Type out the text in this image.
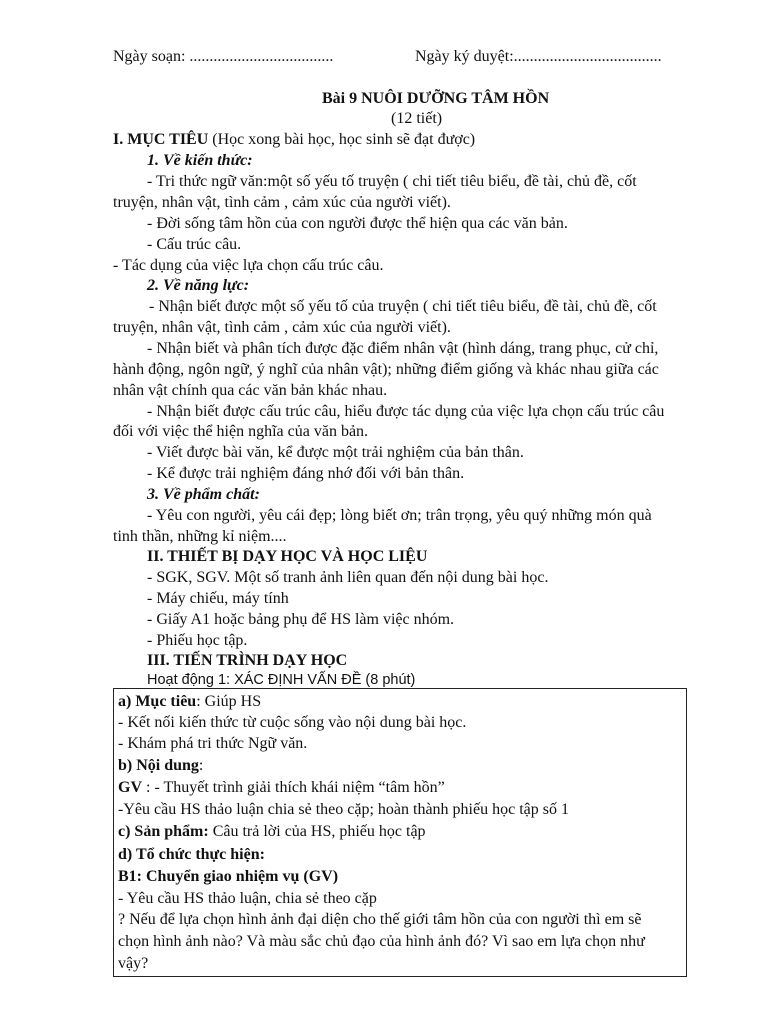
Ngày soạn: ....................................	Ngày ký duyệt:.....................................
Bài 9 NUÔI DƯỠNG TÂM HỒN
(12 tiết)
I. MỤC TIÊU (Học xong bài học, học sinh sẽ đạt được)
1. Về kiến thức:
- Tri thức ngữ văn:một số yếu tố truyện ( chi tiết tiêu biểu, đề tài, chủ đề, cốt
truyện, nhân vật, tình cảm , cảm xúc của người viết).
- Đời sống tâm hồn của con người được thể hiện qua các văn bản.
- Cấu trúc câu.
- Tác dụng của việc lựa chọn cấu trúc câu.
2. Về năng lực:
- Nhận biết được một số yếu tố của truyện ( chi tiết tiêu biểu, đề tài, chủ đề, cốt
truyện, nhân vật, tình cảm , cảm xúc của người viết).
- Nhận biết và phân tích được đặc điểm nhân vật (hình dáng, trang phục, cử chỉ,
hành động, ngôn ngữ, ý nghĩ của nhân vật); những điểm giống và khác nhau giữa các
nhân vật chính qua các văn bản khác nhau.
- Nhận biết được cấu trúc câu, hiểu được tác dụng của việc lựa chọn cấu trúc câu
đối với việc thể hiện nghĩa của văn bản.
- Viết được bài văn, kể được một trải nghiệm của bản thân.
- Kể được trải nghiệm đáng nhớ đối với bản thân.
3. Về phẩm chất:
- Yêu con người, yêu cái đẹp; lòng biết ơn; trân trọng, yêu quý những món quà
tinh thần, những kỉ niệm....
II. THIẾT BỊ DẠY HỌC VÀ HỌC LIỆU
- SGK, SGV. Một số tranh ảnh liên quan đến nội dung bài học.
- Máy chiếu, máy tính
- Giấy A1 hoặc bảng phụ để HS làm việc nhóm.
- Phiếu học tập.
III. TIẾN TRÌNH DẠY HỌC
Hoạt động 1: XÁC ĐỊNH VẤN ĐỀ (8 phút)
a) Mục tiêu: Giúp HS
- Kết nối kiến thức từ cuộc sống vào nội dung bài học.
- Khám phá tri thức Ngữ văn.
b) Nội dung:
GV : - Thuyết trình giải thích khái niệm “tâm hồn”
-Yêu cầu HS thảo luận chia sẻ theo cặp; hoàn thành phiếu học tập số 1
c) Sản phẩm: Câu trả lời của HS, phiếu học tập
d) Tổ chức thực hiện:
B1: Chuyển giao nhiệm vụ (GV)
- Yêu cầu HS thảo luận, chia sẻ theo cặp
? Nếu để lựa chọn hình ảnh đại diện cho thế giới tâm hồn của con người thì em sẽ
chọn hình ảnh nào? Và màu sắc chủ đạo của hình ảnh đó? Vì sao em lựa chọn như
vậy?
